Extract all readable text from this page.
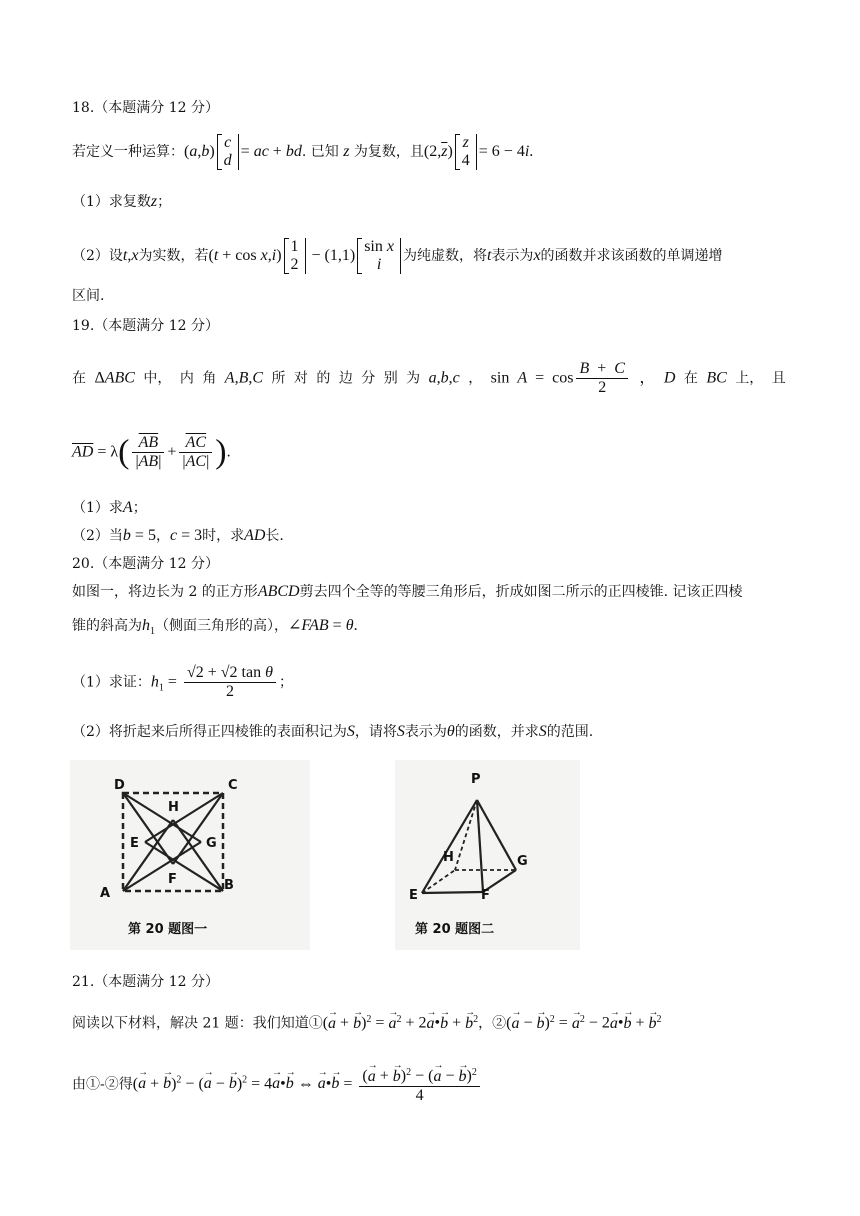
18.（本题满分 12 分）
若定义一种运算：(a,b)
c
d
= ac + bd. 已知 z 为复数，且$(2,\overline{z})$
z
4
= 6 − 4i.
（1）求复数z；
（2）设t,x为实数，若(t + cos x,i)
1
2
− (1,1)
sin x
i	为纯虚数，将t表示为x的函数并求该函数的单调递增
区间.
19.（本题满分 12 分）
在 ΔABC 中， 内 角 A,B,C 所 对 的 边 分 别 为 a,b,c ， $\sin A = \cos \frac{B + C}{2}$ ， D 在 BC 上， 且
$\overline{AD} = \lambda( \frac{\overline{AB}}{|\overline{AB}|} + \frac{\overline{AC}}{|\overline{AC}|}$ ).
（1）求A；
（2）当b = 5，c = 3时，求AD长.
20.（本题满分 12 分）
如图一，将边长为 2 的正方形ABCD剪去四个全等的等腰三角形后，折成如图二所示的正四棱锥. 记该正四棱
锥的斜高为$h_1$（侧面三角形的高），∠FAB = θ.
（1）求证：$h_1 = \frac{\text{√2 + √2 tan θ}}{2}$ ；
（2）将折起来后所得正四棱锥的表面积记为S，请将S表示为θ的函数，并求S的范围.
D	C
H
E	G
A
F	B
第 20 题图一
P
H	G
E	F
第 20 题图二
21.（本题满分 12 分）
阅读以下材料，解决 21 题：我们知道①(a → + b →)$^2$ = a →$^2$ + 2a →•b → + b →$^2$，②(a → − b →)$^2$ = a →$^2$ − 2a →•b → + b →$^2$
由①-②得(a → + b →)$^2$ − (a → − b →)$^2$ = 4a →•b → ⇔ a →•b → = $\frac{(a \to + b \to)^2 - (a \to - b \to)^2}{4}$
